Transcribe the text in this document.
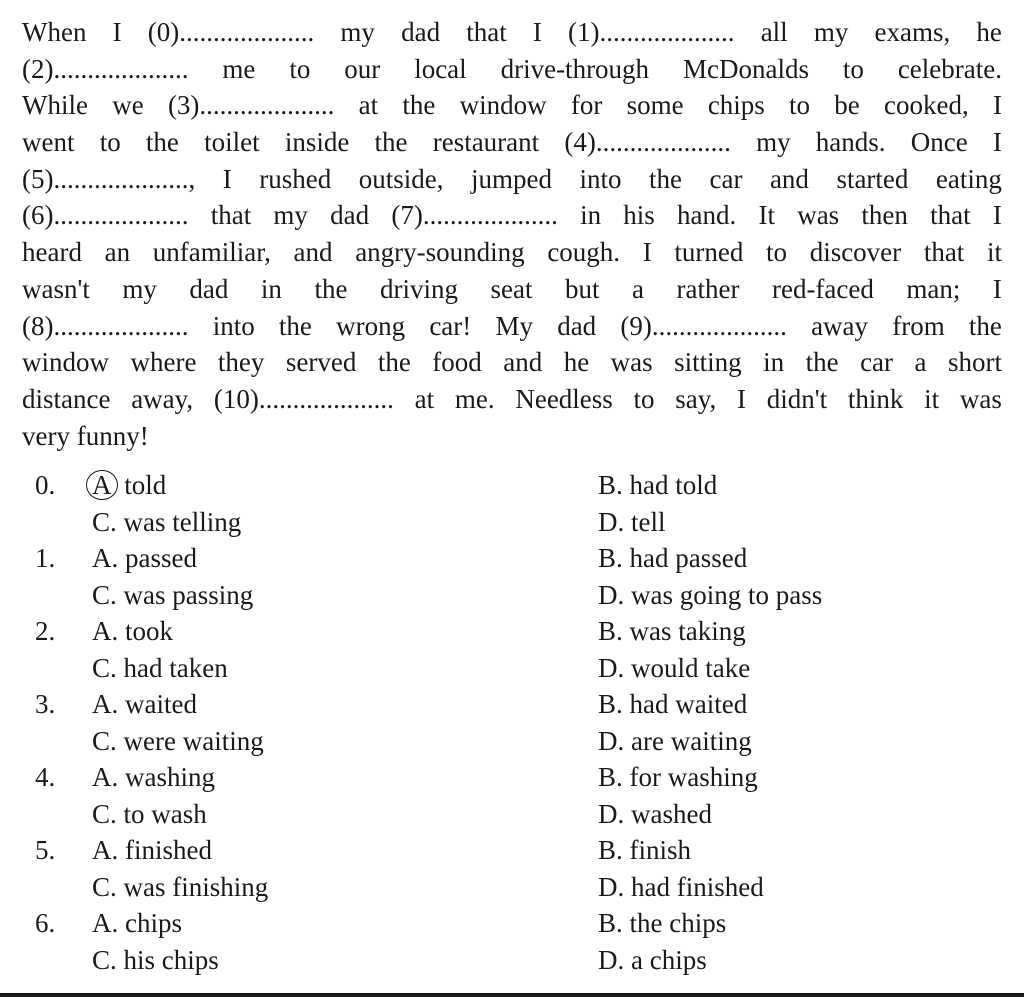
When I (0).................... my dad that I (1).................... all my exams, he
(2).................... me to our local drive-through McDonalds to celebrate.
While we (3).................... at the window for some chips to be cooked, I
went to the toilet inside the restaurant (4).................... my hands. Once I
(5)...................., I rushed outside, jumped into the car and started eating
(6).................... that my dad (7).................... in his hand. It was then that I
heard an unfamiliar, and angry-sounding cough. I turned to discover that it
wasn't my dad in the driving seat but a rather red-faced man; I
(8).................... into the wrong car! My dad (9).................... away from the
window where they served the food and he was sitting in the car a short
distance away, (10).................... at me. Needless to say, I didn't think it was
very funny!
0. A told	B. had told
C. was telling	D. tell
1. A. passed	B. had passed
C. was passing	D. was going to pass
2. A. took	B. was taking
C. had taken	D. would take
3. A. waited	B. had waited
C. were waiting	D. are waiting
4. A. washing	B. for washing
C. to wash	D. washed
5. A. finished	B. finish
C. was finishing	D. had finished
6. A. chips	B. the chips
C. his chips	D. a chips
